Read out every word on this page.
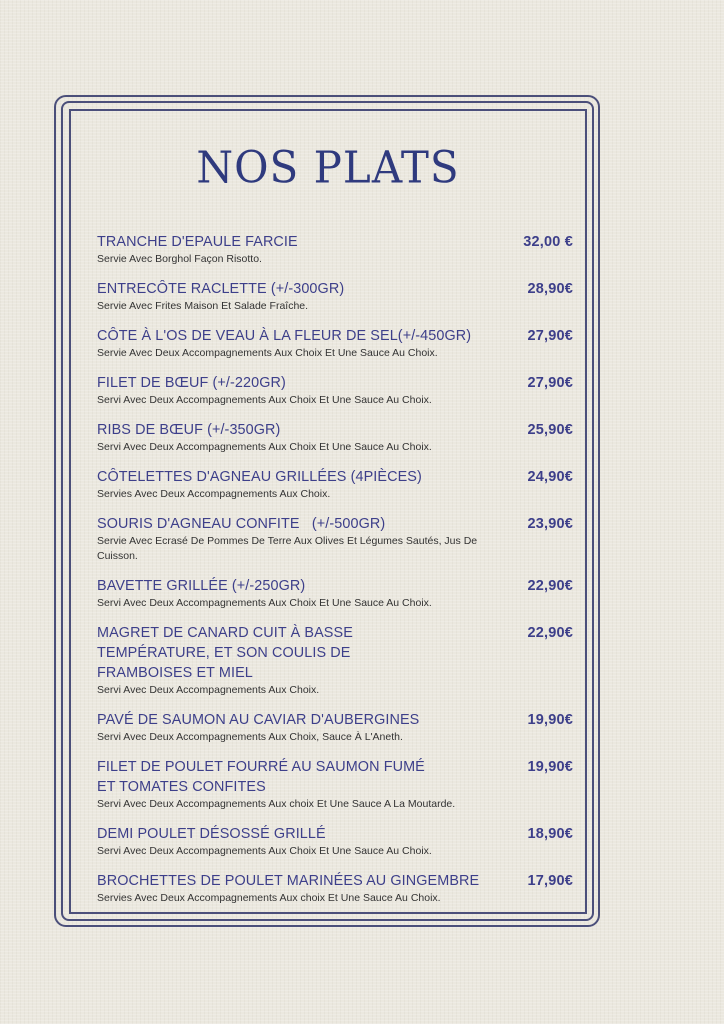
NOS PLATS
TRANCHE D'EPAULE FARCIE	32,00 €
Servie Avec Borghol Façon Risotto.
ENTRECÔTE RACLETTE (+/-300GR)	28,90€
Servie Avec Frites Maison Et Salade Fraîche.
CÔTE À L'OS DE VEAU À LA FLEUR DE SEL(+/-450GR)	27,90€
Servie Avec Deux Accompagnements Aux Choix Et Une Sauce Au Choix.
FILET DE BŒUF (+/-220GR)	27,90€
Servi Avec Deux Accompagnements Aux Choix Et Une Sauce Au Choix.
RIBS DE BŒUF (+/-350GR)	25,90€
Servi Avec Deux Accompagnements Aux Choix Et Une Sauce Au Choix.
CÔTELETTES D'AGNEAU GRILLÉES (4PIÈCES)	24,90€
Servies Avec Deux Accompagnements Aux Choix.
SOURIS D'AGNEAU CONFITE   (+/-500GR)	23,90€
Servie Avec Ecrasé De Pommes De Terre Aux Olives Et Légumes Sautés, Jus De Cuisson.
BAVETTE GRILLÉE (+/-250GR)	22,90€
Servi Avec Deux Accompagnements Aux Choix Et Une Sauce Au Choix.
MAGRET DE CANARD CUIT À BASSE TEMPÉRATURE, ET SON COULIS DE FRAMBOISES ET MIEL
22,90€
Servi Avec Deux Accompagnements Aux Choix.
PAVÉ DE SAUMON AU CAVIAR D'AUBERGINES	19,90€
Servi Avec Deux Accompagnements Aux Choix, Sauce À L'Aneth.
FILET DE POULET FOURRÉ AU SAUMON FUMÉ ET TOMATES CONFITES
19,90€
Servi Avec Deux Accompagnements Aux choix Et Une Sauce A La Moutarde.
DEMI POULET DÉSOSSÉ GRILLÉ	18,90€
Servi Avec Deux Accompagnements Aux Choix Et Une Sauce Au Choix.
BROCHETTES DE POULET MARINÉES AU GINGEMBRE	17,90€
Servies Avec Deux Accompagnements Aux choix Et Une Sauce Au Choix.
